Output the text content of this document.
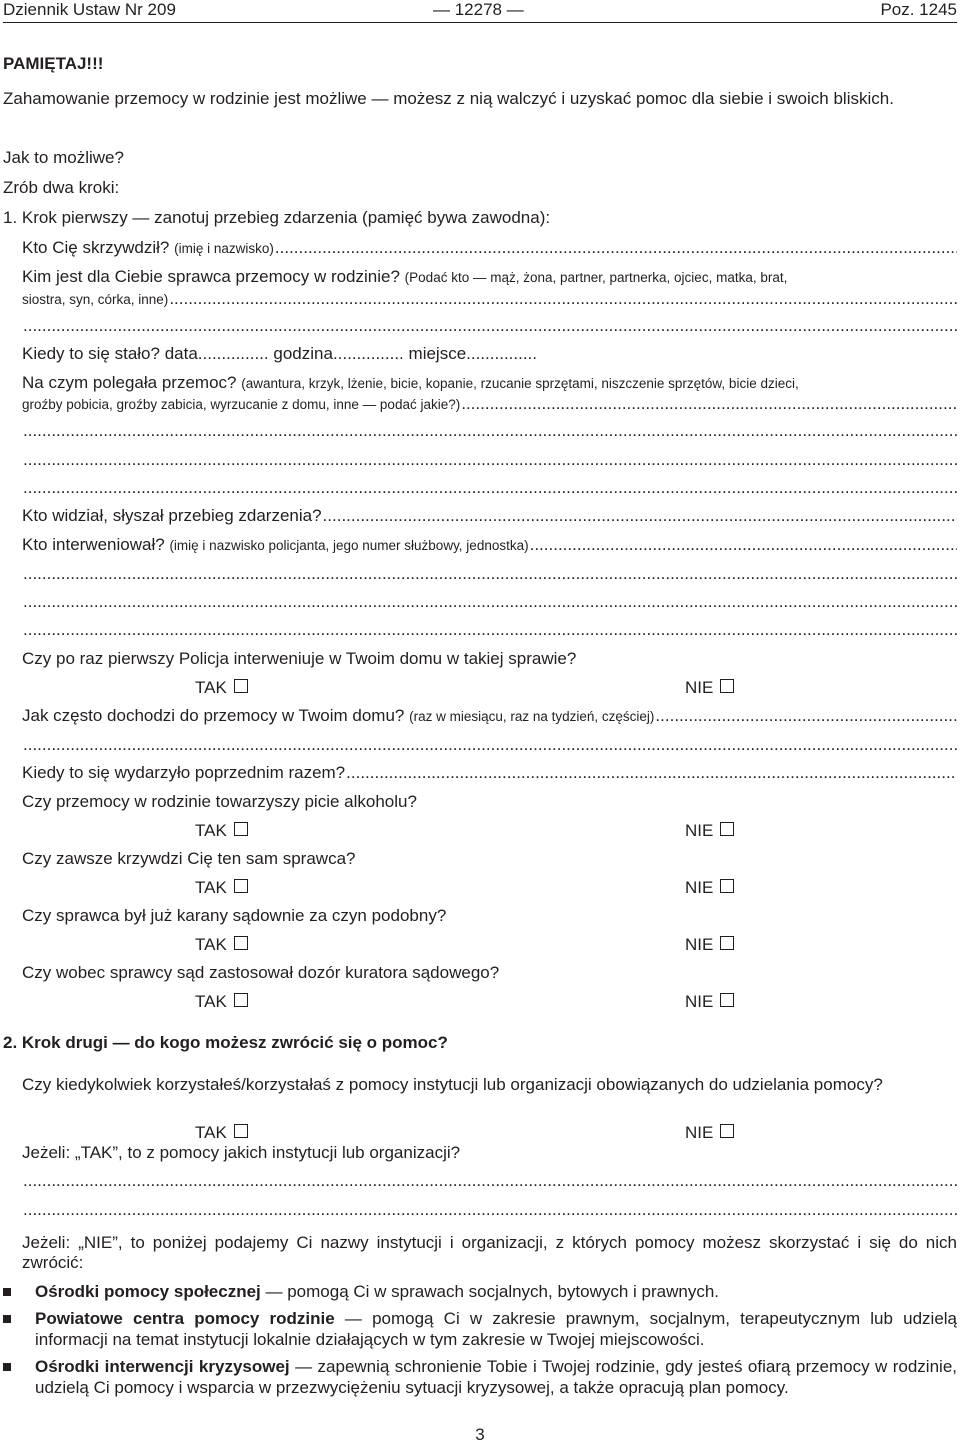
Dziennik Ustaw Nr 209	— 12278 —	Poz. 1245
PAMIĘTAJ!!!
Zahamowanie przemocy w rodzinie jest możliwe — możesz z nią walczyć i uzyskać pomoc dla siebie i swoich bliskich.
Jak to możliwe?
Zrób dwa kroki:
1. Krok pierwszy — zanotuj przebieg zdarzenia (pamięć bywa zawodna):
Kto Cię skrzywdził?
(imię i nazwisko)
.....
Kim jest dla Ciebie sprawca przemocy w rodzinie? (Podać kto — mąż, żona, partner, partnerka, ojciec, matka, brat,
siostra, syn, córka, inne)
.....
.....
Kiedy to się stało? data............... godzina............... miejsce...............
Na czym polegała przemoc? (awantura, krzyk, lżenie, bicie, kopanie, rzucanie sprzętami, niszczenie sprzętów, bicie dzieci,
groźby pobicia, groźby zabicia, wyrzucanie z domu, inne — podać jakie?)
.....
.....
.....
.....
Kto widział, słyszał przebieg zdarzenia?
.....
Kto interweniował?
(imię i nazwisko policjanta, jego numer służbowy, jednostka)
.....
.....
.....
.....
Czy po raz pierwszy Policja interweniuje w Twoim domu w takiej sprawie?
TAK	NIE
Jak często dochodzi do przemocy w Twoim domu?
(raz w miesiącu, raz na tydzień, częściej)
.....
.....
Kiedy to się wydarzyło poprzednim razem?
.....
Czy przemocy w rodzinie towarzyszy picie alkoholu?
TAK	NIE
Czy zawsze krzywdzi Cię ten sam sprawca?
TAK	NIE
Czy sprawca był już karany sądownie za czyn podobny?
TAK	NIE
Czy wobec sprawcy sąd zastosował dozór kuratora sądowego?
TAK	NIE
2. Krok drugi — do kogo możesz zwrócić się o pomoc?
Czy kiedykolwiek korzystałeś/korzystałaś z pomocy instytucji lub organizacji obowiązanych do udzielania pomocy?
TAK	NIE
Jeżeli: „TAK”, to z pomocy jakich instytucji lub organizacji?
.....
.....
Jeżeli: „NIE”, to poniżej podajemy Ci nazwy instytucji i organizacji, z których pomocy możesz skorzystać i się do nich zwrócić:
Ośrodki pomocy społecznej — pomogą Ci w sprawach socjalnych, bytowych i prawnych.
Powiatowe centra pomocy rodzinie — pomogą Ci w zakresie prawnym, socjalnym, terapeutycznym lub udzielą informacji na temat instytucji lokalnie działających w tym zakresie w Twojej miejscowości.
Ośrodki interwencji kryzysowej — zapewnią schronienie Tobie i Twojej rodzinie, gdy jesteś ofiarą przemocy w rodzinie, udzielą Ci pomocy i wsparcia w przezwyciężeniu sytuacji kryzysowej, a także opracują plan pomocy.
3
